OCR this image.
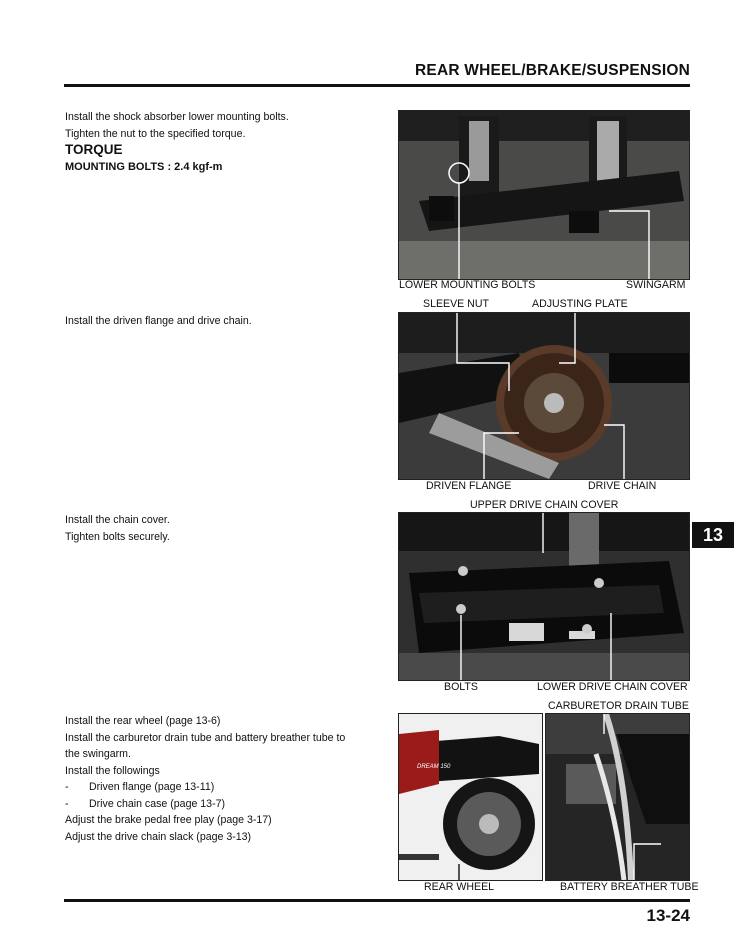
REAR WHEEL/BRAKE/SUSPENSION
Install the shock absorber lower mounting bolts.
Tighten the nut to the specified torque.
TORQUE
MOUNTING BOLTS : 2.4 kgf-m
LOWER MOUNTING BOLTS	SWINGARM
Install the driven flange and drive chain.
SLEEVE NUT	ADJUSTING PLATE
DRIVEN FLANGE	DRIVE CHAIN
Install the chain cover.
Tighten bolts securely.
UPPER DRIVE CHAIN COVER
BOLTS	LOWER DRIVE CHAIN COVER
13
Install the rear wheel (page 13-6)
Install the carburetor drain tube and battery breather tube to
the swingarm.
Install the followings
- Driven flange (page 13-11)
- Drive chain case (page 13-7)
Adjust the brake pedal free play (page 3-17)
Adjust the drive chain slack (page 3-13)
DREAM 150
CARBURETOR DRAIN TUBE
REAR WHEEL	BATTERY BREATHER TUBE
13-24
